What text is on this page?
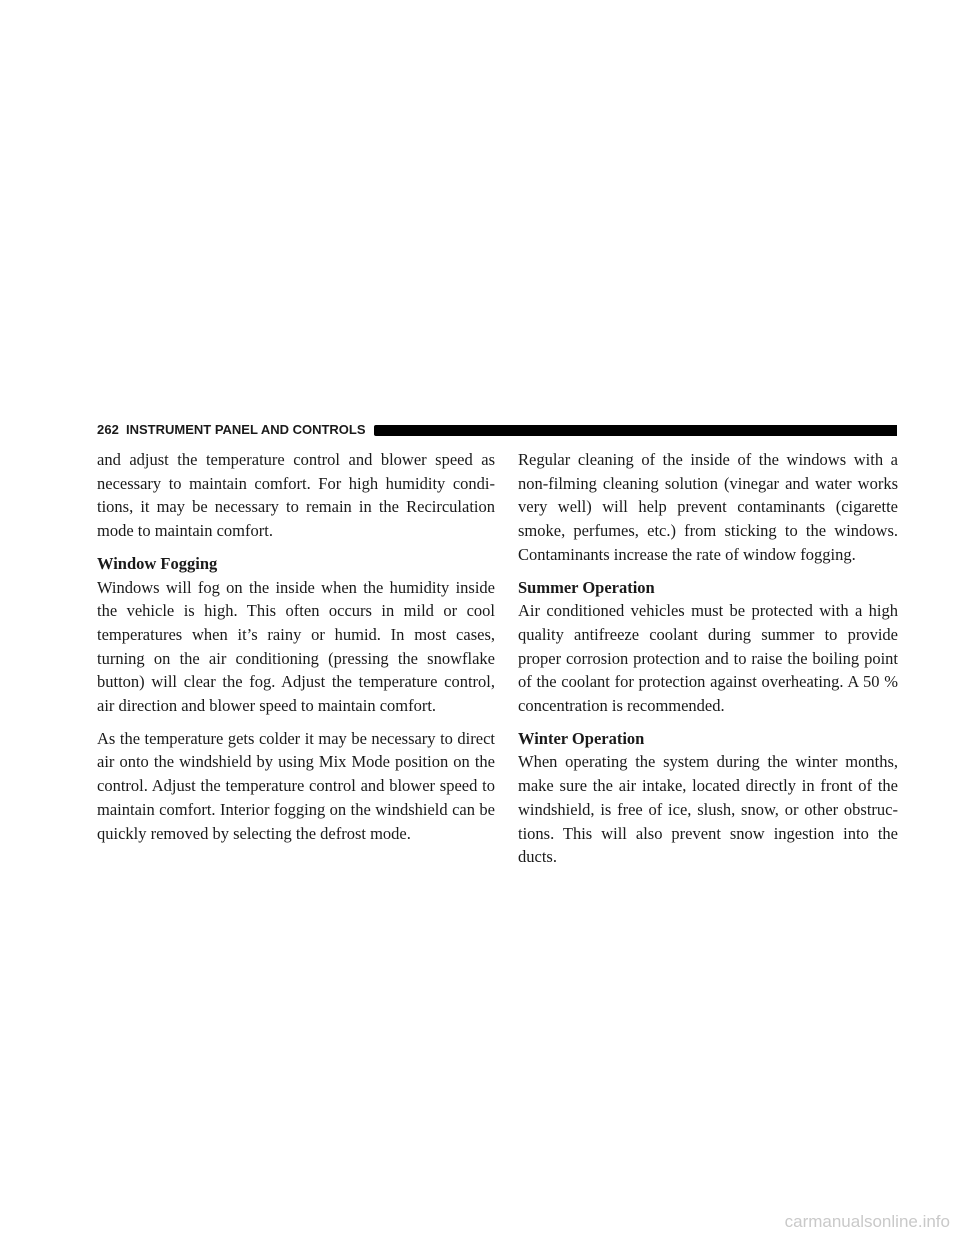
262 INSTRUMENT PANEL AND CONTROLS

and adjust the temperature control and blower speed as necessary to maintain comfort. For high humidity conditions, it may be necessary to remain in the Recirculation mode to maintain comfort.

Window Fogging

Windows will fog on the inside when the humidity inside the vehicle is high. This often occurs in mild or cool temperatures when it’s rainy or humid. In most cases, turning on the air conditioning (pressing the snowflake button) will clear the fog. Adjust the temperature control, air direction and blower speed to maintain comfort.

As the temperature gets colder it may be necessary to direct air onto the windshield by using Mix Mode position on the control. Adjust the temperature control and blower speed to maintain comfort. Interior fogging on the windshield can be quickly removed by selecting the defrost mode.

Regular cleaning of the inside of the windows with a non-filming cleaning solution (vinegar and water works very well) will help prevent contaminants (cigarette smoke, perfumes, etc.) from sticking to the windows. Contaminants increase the rate of window fogging.

Summer Operation

Air conditioned vehicles must be protected with a high quality antifreeze coolant during summer to provide proper corrosion protection and to raise the boiling point of the coolant for protection against overheating. A 50 % concentration is recommended.

Winter Operation

When operating the system during the winter months, make sure the air intake, located directly in front of the windshield, is free of ice, slush, snow, or other obstructions. This will also prevent snow ingestion into the ducts.

carmanualsonline.info
